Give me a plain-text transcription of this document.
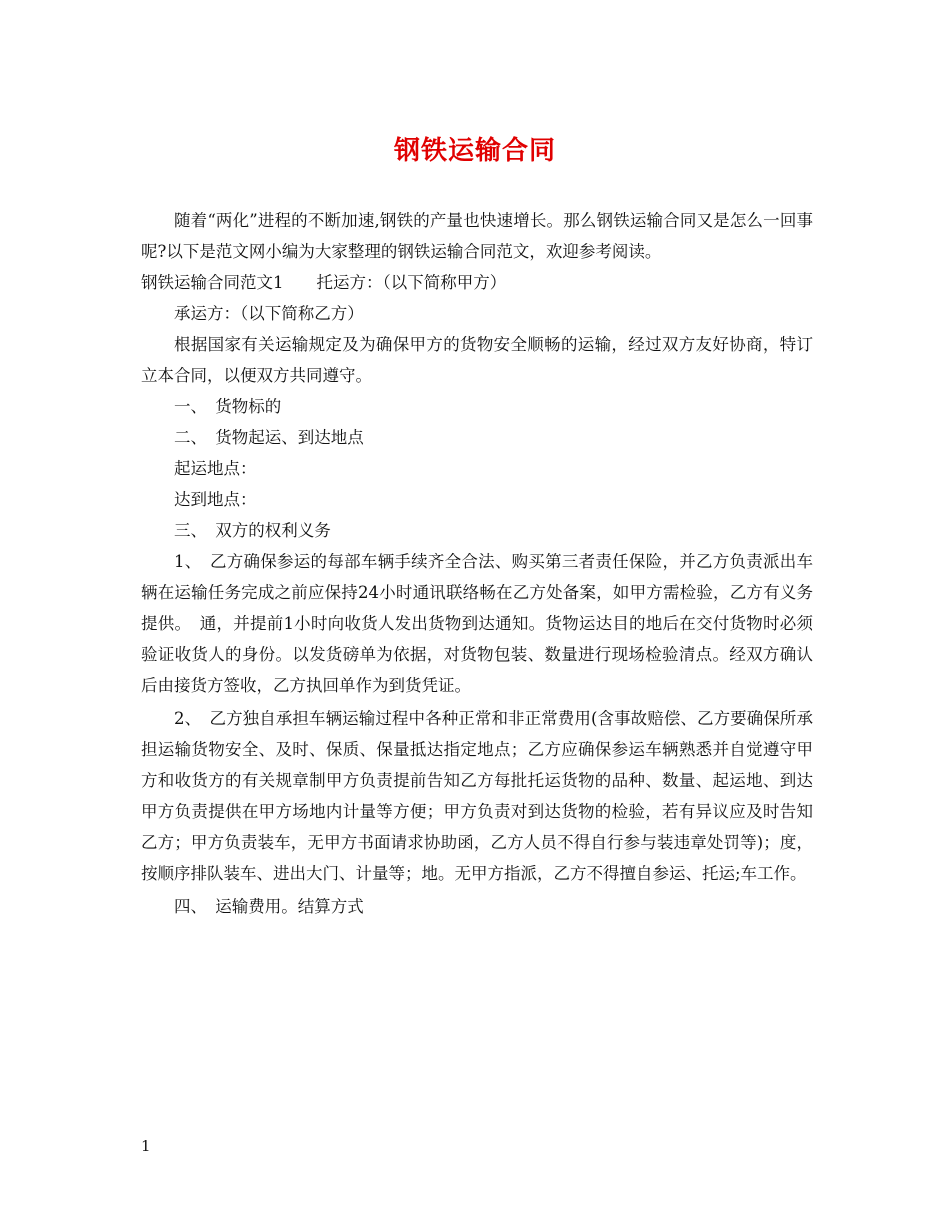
钢铁运输合同

随着“两化”进程的不断加速,钢铁的产量也快速增长。那么钢铁运输合同又是怎么一回事呢?以下是范文网小编为大家整理的钢铁运输合同范文，欢迎参考阅读。

钢铁运输合同范文1　　托运方：（以下简称甲方）

承运方：（以下简称乙方）

根据国家有关运输规定及为确保甲方的货物安全顺畅的运输，经过双方友好协商，特订立本合同，以便双方共同遵守。

一、　货物标的

二、　货物起运、到达地点

起运地点：

达到地点：

三、　双方的权利义务

1、　乙方确保参运的每部车辆手续齐全合法、购买第三者责任保险，并乙方负责派出车辆在运输任务完成之前应保持24小时通讯联络畅在乙方处备案，如甲方需检验，乙方有义务提供。　通，并提前1小时向收货人发出货物到达通知。货物运达目的地后在交付货物时必须验证收货人的身份。以发货磅单为依据，对货物包装、数量进行现场检验清点。经双方确认后由接货方签收，乙方执回单作为到货凭证。

2、　乙方独自承担车辆运输过程中各种正常和非正常费用(含事故赔偿、乙方要确保所承担运输货物安全、及时、保质、保量抵达指定地点；乙方应确保参运车辆熟悉并自觉遵守甲方和收货方的有关规章制甲方负责提前告知乙方每批托运货物的品种、数量、起运地、到达甲方负责提供在甲方场地内计量等方便；甲方负责对到达货物的检验，若有异议应及时告知乙方；甲方负责装车，无甲方书面请求协助函，乙方人员不得自行参与装违章处罚等)；度，按顺序排队装车、进出大门、计量等；地。无甲方指派，乙方不得擅自参运、托运;车工作。

四、　运输费用。结算方式

1
